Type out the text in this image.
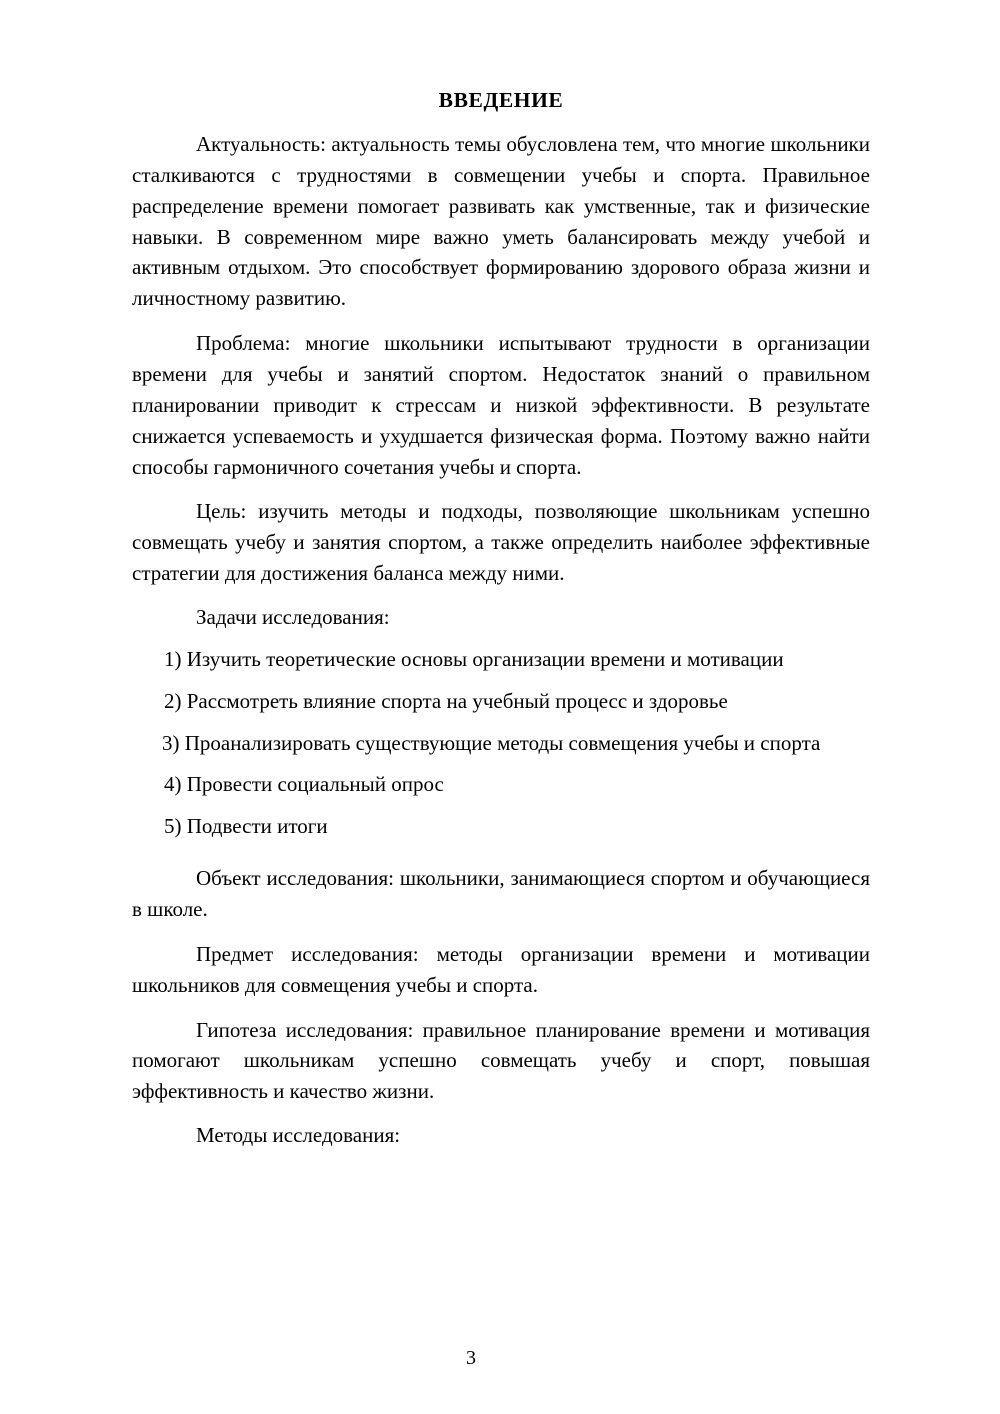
ВВЕДЕНИЕ

Актуальность: актуальность темы обусловлена тем, что многие школьники сталкиваются с трудностями в совмещении учебы и спорта. Правильное распределение времени помогает развивать как умственные, так и физические навыки. В современном мире важно уметь балансировать между учебой и активным отдыхом. Это способствует формированию здорового образа жизни и личностному развитию.

Проблема: многие школьники испытывают трудности в организации времени для учебы и занятий спортом. Недостаток знаний о правильном планировании приводит к стрессам и низкой эффективности. В результате снижается успеваемость и ухудшается физическая форма. Поэтому важно найти способы гармоничного сочетания учебы и спорта.

Цель: изучить методы и подходы, позволяющие школьникам успешно совмещать учебу и занятия спортом, а также определить наиболее эффективные стратегии для достижения баланса между ними.

Задачи исследования:

1) Изучить теоретические основы организации времени и мотивации

2) Рассмотреть влияние спорта на учебный процесс и здоровье

3) Проанализировать существующие методы совмещения учебы и спорта

4) Провести социальный опрос

5) Подвести итоги

Объект исследования: школьники, занимающиеся спортом и обучающиеся в школе.

Предмет исследования: методы организации времени и мотивации школьников для совмещения учебы и спорта.

Гипотеза исследования: правильное планирование времени и мотивация помогают школьникам успешно совмещать учебу и спорт, повышая эффективность и качество жизни.

Методы исследования:

3
